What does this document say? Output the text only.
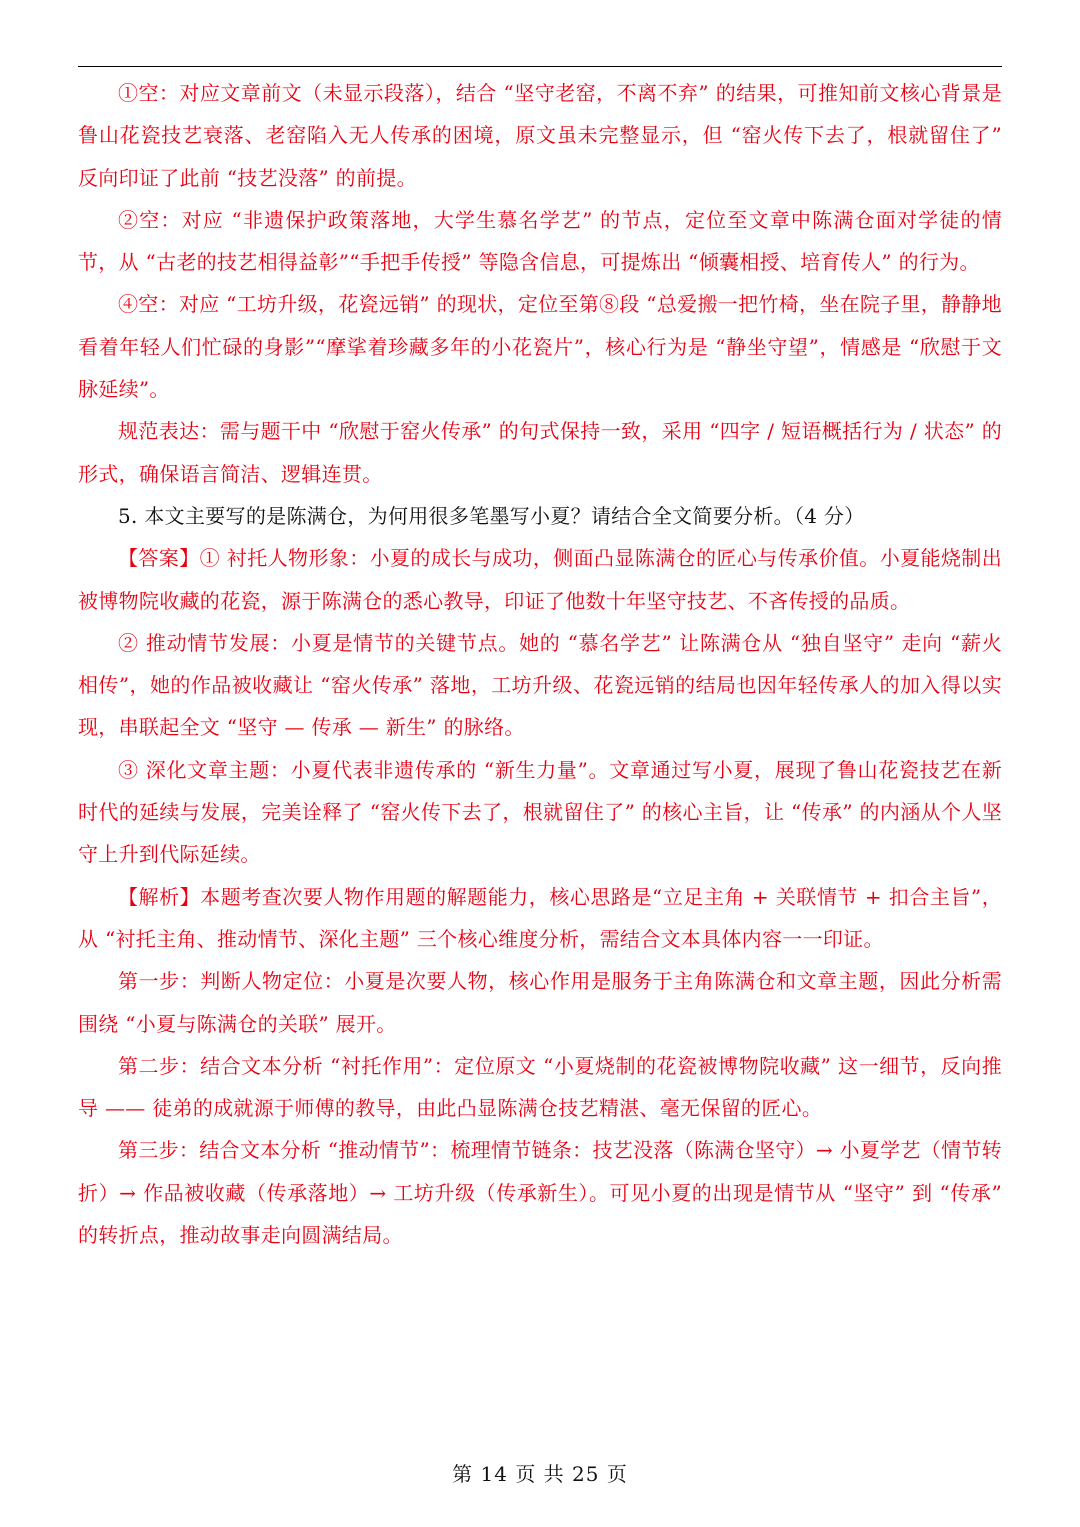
①空：对应文章前文（未显示段落），结合 “坚守老窑，不离不弃” 的结果，可推知前文核心背景是鲁山花瓷技艺衰落、老窑陷入无人传承的困境，原文虽未完整显示，但 “窑火传下去了，根就留住了” 反向印证了此前 “技艺没落” 的前提。

②空：对应 “非遗保护政策落地，大学生慕名学艺” 的节点，定位至文章中陈满仓面对学徒的情节，从 “古老的技艺相得益彰”“手把手传授” 等隐含信息，可提炼出 “倾囊相授、培育传人” 的行为。

④空：对应 “工坊升级，花瓷远销” 的现状，定位至第⑧段 “总爱搬一把竹椅，坐在院子里，静静地看着年轻人们忙碌的身影”“摩挲着珍藏多年的小花瓷片”，核心行为是 “静坐守望”，情感是 “欣慰于文脉延续”。

规范表达：需与题干中 “欣慰于窑火传承” 的句式保持一致，采用 “四字 / 短语概括行为 / 状态” 的形式，确保语言简洁、逻辑连贯。

5. 本文主要写的是陈满仓，为何用很多笔墨写小夏？请结合全文简要分析。（4 分）

【答案】① 衬托人物形象：小夏的成长与成功，侧面凸显陈满仓的匠心与传承价值。小夏能烧制出被博物院收藏的花瓷，源于陈满仓的悉心教导，印证了他数十年坚守技艺、不吝传授的品质。

② 推动情节发展：小夏是情节的关键节点。她的 “慕名学艺” 让陈满仓从 “独自坚守” 走向 “薪火相传”，她的作品被收藏让 “窑火传承” 落地，工坊升级、花瓷远销的结局也因年轻传承人的加入得以实现，串联起全文 “坚守 — 传承 — 新生” 的脉络。

③ 深化文章主题：小夏代表非遗传承的 “新生力量”。文章通过写小夏，展现了鲁山花瓷技艺在新时代的延续与发展，完美诠释了 “窑火传下去了，根就留住了” 的核心主旨，让 “传承” 的内涵从个人坚守上升到代际延续。

【解析】本题考查次要人物作用题的解题能力，核心思路是“立足主角 + 关联情节 + 扣合主旨”，从 “衬托主角、推动情节、深化主题” 三个核心维度分析，需结合文本具体内容一一印证。

第一步：判断人物定位：小夏是次要人物，核心作用是服务于主角陈满仓和文章主题，因此分析需围绕 “小夏与陈满仓的关联” 展开。

第二步：结合文本分析 “衬托作用”：定位原文 “小夏烧制的花瓷被博物院收藏” 这一细节，反向推导 —— 徒弟的成就源于师傅的教导，由此凸显陈满仓技艺精湛、毫无保留的匠心。

第三步：结合文本分析 “推动情节”：梳理情节链条：技艺没落（陈满仓坚守）→ 小夏学艺（情节转折）→ 作品被收藏（传承落地）→ 工坊升级（传承新生）。可见小夏的出现是情节从 “坚守” 到 “传承” 的转折点，推动故事走向圆满结局。

第 14 页 共 25 页
